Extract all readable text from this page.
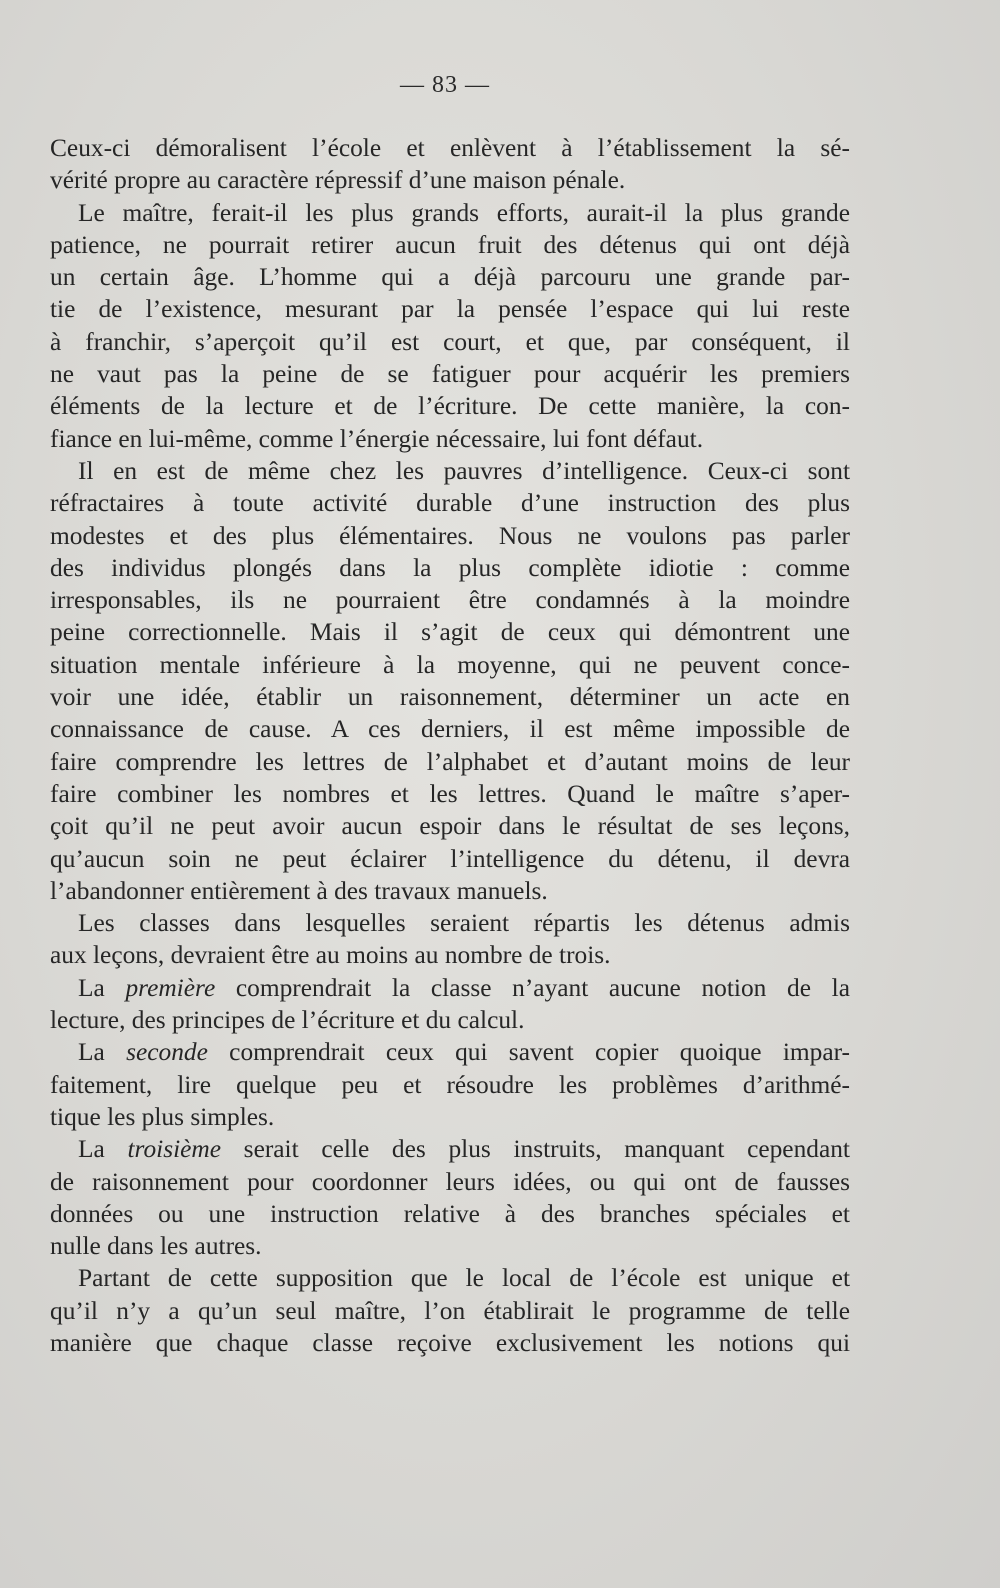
— 83 —

Ceux-ci démoralisent l’école et enlèvent à l’établissement la sé-

vérité propre au caractère répressif d’une maison pénale.

Le maître, ferait-il les plus grands efforts, aurait-il la plus grande

patience, ne pourrait retirer aucun fruit des détenus qui ont déjà

un certain âge. L’homme qui a déjà parcouru une grande par-

tie de l’existence, mesurant par la pensée l’espace qui lui reste

à franchir, s’aperçoit qu’il est court, et que, par conséquent, il

ne vaut pas la peine de se fatiguer pour acquérir les premiers

éléments de la lecture et de l’écriture. De cette manière, la con-

fiance en lui-même, comme l’énergie nécessaire, lui font défaut.

Il en est de même chez les pauvres d’intelligence. Ceux-ci sont

réfractaires à toute activité durable d’une instruction des plus

modestes et des plus élémentaires. Nous ne voulons pas parler

des individus plongés dans la plus complète idiotie : comme

irresponsables, ils ne pourraient être condamnés à la moindre

peine correctionnelle. Mais il s’agit de ceux qui démontrent une

situation mentale inférieure à la moyenne, qui ne peuvent conce-

voir une idée, établir un raisonnement, déterminer un acte en

connaissance de cause. A ces derniers, il est même impossible de

faire comprendre les lettres de l’alphabet et d’autant moins de leur

faire combiner les nombres et les lettres. Quand le maître s’aper-

çoit qu’il ne peut avoir aucun espoir dans le résultat de ses leçons,

qu’aucun soin ne peut éclairer l’intelligence du détenu, il devra

l’abandonner entièrement à des travaux manuels.

Les classes dans lesquelles seraient répartis les détenus admis

aux leçons, devraient être au moins au nombre de trois.

La première comprendrait la classe n’ayant aucune notion de la

lecture, des principes de l’écriture et du calcul.

La seconde comprendrait ceux qui savent copier quoique impar-

faitement, lire quelque peu et résoudre les problèmes d’arithmé-

tique les plus simples.

La troisième serait celle des plus instruits, manquant cependant

de raisonnement pour coordonner leurs idées, ou qui ont de fausses

données ou une instruction relative à des branches spéciales et

nulle dans les autres.

Partant de cette supposition que le local de l’école est unique et

qu’il n’y a qu’un seul maître, l’on établirait le programme de telle

manière que chaque classe reçoive exclusivement les notions qui
